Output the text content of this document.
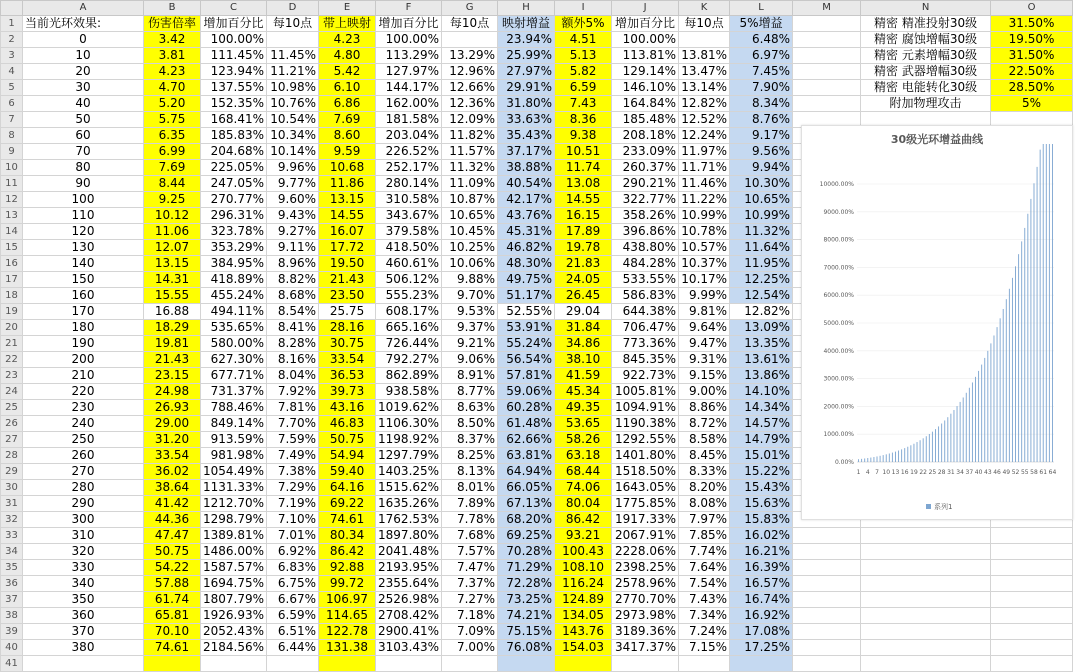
	A	B	C	D	E	F	G	H	I	J	K	L	M	N	O
1	当前光环效果:	伤害倍率	增加百分比	每10点	带上映射	增加百分比	每10点	映射增益	额外5%	增加百分比	每10点	5%增益		精密 精准投射30级	31.50%
2	0	3.42	100.00%		4.23	100.00%		23.94%	4.51	100.00%		6.48%		精密 腐蚀增幅30级	19.50%
3	10	3.81	111.45%	11.45%	4.80	113.29%	13.29%	25.99%	5.13	113.81%	13.81%	6.97%		精密 元素增幅30级	31.50%
4	20	4.23	123.94%	11.21%	5.42	127.97%	12.96%	27.97%	5.82	129.14%	13.47%	7.45%		精密 武器增幅30级	22.50%
5	30	4.70	137.55%	10.98%	6.10	144.17%	12.66%	29.91%	6.59	146.10%	13.14%	7.90%		精密 电能转化30级	28.50%
6	40	5.20	152.35%	10.76%	6.86	162.00%	12.36%	31.80%	7.43	164.84%	12.82%	8.34%		附加物理攻击	5%
7	50	5.75	168.41%	10.54%	7.69	181.58%	12.09%	33.63%	8.36	185.48%	12.52%	8.76%			
8	60	6.35	185.83%	10.34%	8.60	203.04%	11.82%	35.43%	9.38	208.18%	12.24%	9.17%			
9	70	6.99	204.68%	10.14%	9.59	226.52%	11.57%	37.17%	10.51	233.09%	11.97%	9.56%			
10	80	7.69	225.05%	9.96%	10.68	252.17%	11.32%	38.88%	11.74	260.37%	11.71%	9.94%			
11	90	8.44	247.05%	9.77%	11.86	280.14%	11.09%	40.54%	13.08	290.21%	11.46%	10.30%			
12	100	9.25	270.77%	9.60%	13.15	310.58%	10.87%	42.17%	14.55	322.77%	11.22%	10.65%			
13	110	10.12	296.31%	9.43%	14.55	343.67%	10.65%	43.76%	16.15	358.26%	10.99%	10.99%			
14	120	11.06	323.78%	9.27%	16.07	379.58%	10.45%	45.31%	17.89	396.86%	10.78%	11.32%			
15	130	12.07	353.29%	9.11%	17.72	418.50%	10.25%	46.82%	19.78	438.80%	10.57%	11.64%			
16	140	13.15	384.95%	8.96%	19.50	460.61%	10.06%	48.30%	21.83	484.28%	10.37%	11.95%			
17	150	14.31	418.89%	8.82%	21.43	506.12%	9.88%	49.75%	24.05	533.55%	10.17%	12.25%			
18	160	15.55	455.24%	8.68%	23.50	555.23%	9.70%	51.17%	26.45	586.83%	9.99%	12.54%			
19	170	16.88	494.11%	8.54%	25.75	608.17%	9.53%	52.55%	29.04	644.38%	9.81%	12.82%			
20	180	18.29	535.65%	8.41%	28.16	665.16%	9.37%	53.91%	31.84	706.47%	9.64%	13.09%			
21	190	19.81	580.00%	8.28%	30.75	726.44%	9.21%	55.24%	34.86	773.36%	9.47%	13.35%			
22	200	21.43	627.30%	8.16%	33.54	792.27%	9.06%	56.54%	38.10	845.35%	9.31%	13.61%			
23	210	23.15	677.71%	8.04%	36.53	862.89%	8.91%	57.81%	41.59	922.73%	9.15%	13.86%			
24	220	24.98	731.37%	7.92%	39.73	938.58%	8.77%	59.06%	45.34	1005.81%	9.00%	14.10%			
25	230	26.93	788.46%	7.81%	43.16	1019.62%	8.63%	60.28%	49.35	1094.91%	8.86%	14.34%			
26	240	29.00	849.14%	7.70%	46.83	1106.30%	8.50%	61.48%	53.65	1190.38%	8.72%	14.57%			
27	250	31.20	913.59%	7.59%	50.75	1198.92%	8.37%	62.66%	58.26	1292.55%	8.58%	14.79%			
28	260	33.54	981.98%	7.49%	54.94	1297.79%	8.25%	63.81%	63.18	1401.80%	8.45%	15.01%			
29	270	36.02	1054.49%	7.38%	59.40	1403.25%	8.13%	64.94%	68.44	1518.50%	8.33%	15.22%			
30	280	38.64	1131.33%	7.29%	64.16	1515.62%	8.01%	66.05%	74.06	1643.05%	8.20%	15.43%			
31	290	41.42	1212.70%	7.19%	69.22	1635.26%	7.89%	67.13%	80.04	1775.85%	8.08%	15.63%			
32	300	44.36	1298.79%	7.10%	74.61	1762.53%	7.78%	68.20%	86.42	1917.33%	7.97%	15.83%			
33	310	47.47	1389.81%	7.01%	80.34	1897.80%	7.68%	69.25%	93.21	2067.91%	7.85%	16.02%			
34	320	50.75	1486.00%	6.92%	86.42	2041.48%	7.57%	70.28%	100.43	2228.06%	7.74%	16.21%			
35	330	54.22	1587.57%	6.83%	92.88	2193.95%	7.47%	71.29%	108.10	2398.25%	7.64%	16.39%			
36	340	57.88	1694.75%	6.75%	99.72	2355.64%	7.37%	72.28%	116.24	2578.96%	7.54%	16.57%			
37	350	61.74	1807.79%	6.67%	106.97	2526.98%	7.27%	73.25%	124.89	2770.70%	7.43%	16.74%			
38	360	65.81	1926.93%	6.59%	114.65	2708.42%	7.18%	74.21%	134.05	2973.98%	7.34%	16.92%			
39	370	70.10	2052.43%	6.51%	122.78	2900.41%	7.09%	75.15%	143.76	3189.36%	7.24%	17.08%			
40	380	74.61	2184.56%	6.44%	131.38	3103.43%	7.00%	76.08%	154.03	3417.37%	7.15%	17.25%			
41															
30级光环增益曲线
0.00%
1000.00%
2000.00%
3000.00%
4000.00%
5000.00%
6000.00%
7000.00%
8000.00%
9000.00%
10000.00%
1 4 7 10 13 16 19 22 25 28 31 34 37 40 43 46 49 52 55 58 61 64
系列1
